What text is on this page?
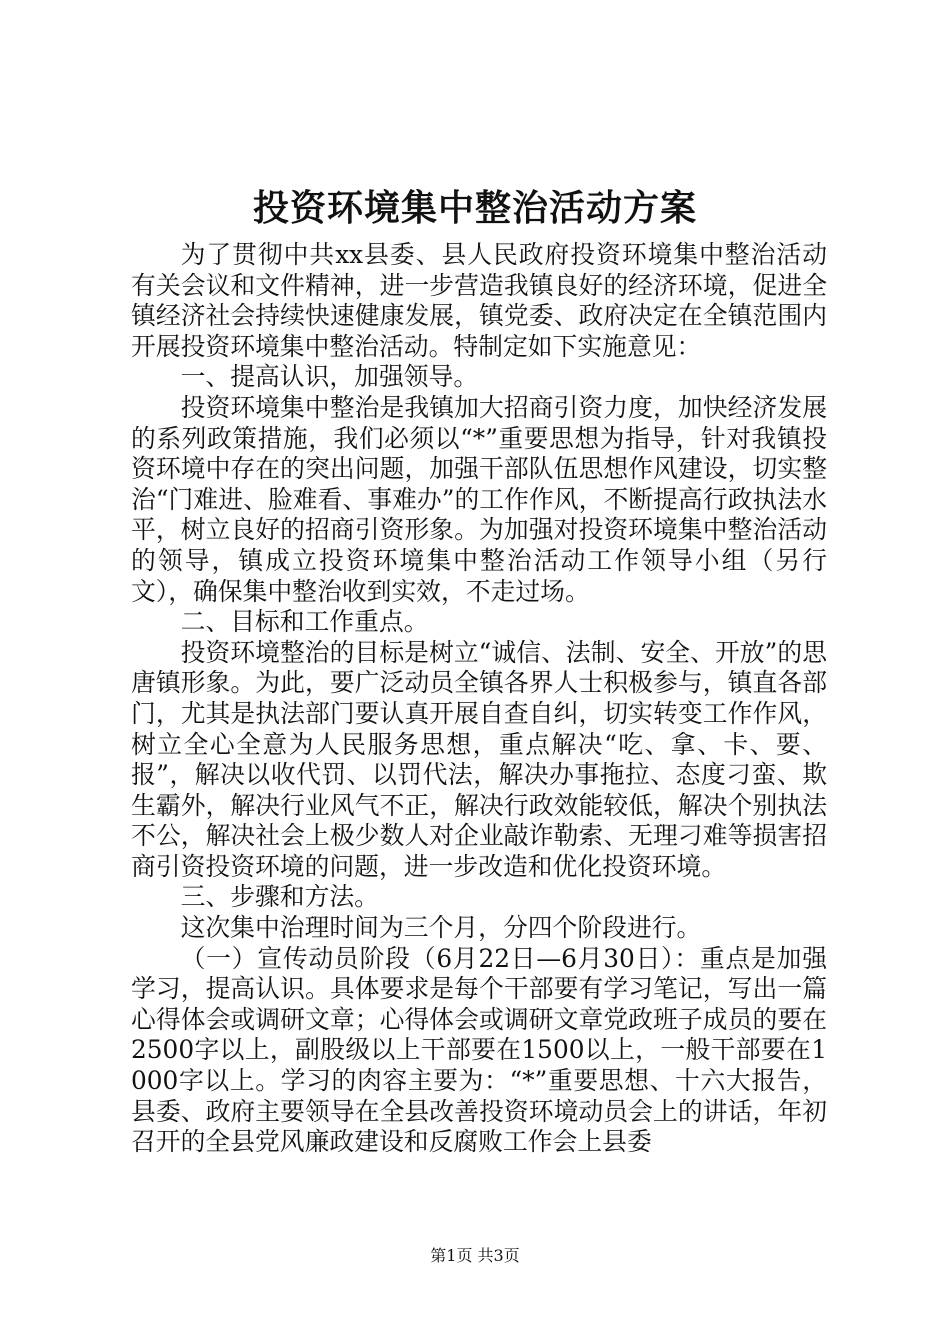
投资环境集中整治活动方案

为了贯彻中共xx县委、县人民政府投资环境集中整治活动有关会议和文件精神，进一步营造我镇良好的经济环境，促进全镇经济社会持续快速健康发展，镇党委、政府决定在全镇范围内开展投资环境集中整治活动。特制定如下实施意见：

一、提高认识，加强领导。

投资环境集中整治是我镇加大招商引资力度，加快经济发展的系列政策措施，我们必须以“*”重要思想为指导，针对我镇投资环境中存在的突出问题，加强干部队伍思想作风建设，切实整治“门难进、脸难看、事难办”的工作作风，不断提高行政执法水平，树立良好的招商引资形象。为加强对投资环境集中整治活动的领导，镇成立投资环境集中整治活动工作领导小组（另行文），确保集中整治收到实效，不走过场。

二、目标和工作重点。

投资环境整治的目标是树立“诚信、法制、安全、开放”的思唐镇形象。为此，要广泛动员全镇各界人士积极参与，镇直各部门，尤其是执法部门要认真开展自查自纠，切实转变工作作风，树立全心全意为人民服务思想，重点解决“吃、拿、卡、要、报”，解决以收代罚、以罚代法，解决办事拖拉、态度刁蛮、欺生霸外，解决行业风气不正，解决行政效能较低，解决个别执法不公，解决社会上极少数人对企业敲诈勒索、无理刁难等损害招商引资投资环境的问题，进一步改造和优化投资环境。

三、步骤和方法。

这次集中治理时间为三个月，分四个阶段进行。

（一）宣传动员阶段（6月22日—6月30日）：重点是加强学习，提高认识。具体要求是每个干部要有学习笔记，写出一篇心得体会或调研文章；心得体会或调研文章党政班子成员的要在2500字以上，副股级以上干部要在1500以上，一般干部要在1000字以上。学习的肉容主要为：“*”重要思想、十六大报告，县委、政府主要领导在全县改善投资环境动员会上的讲话，年初召开的全县党风廉政建设和反腐败工作会上县委

第1页 共3页
